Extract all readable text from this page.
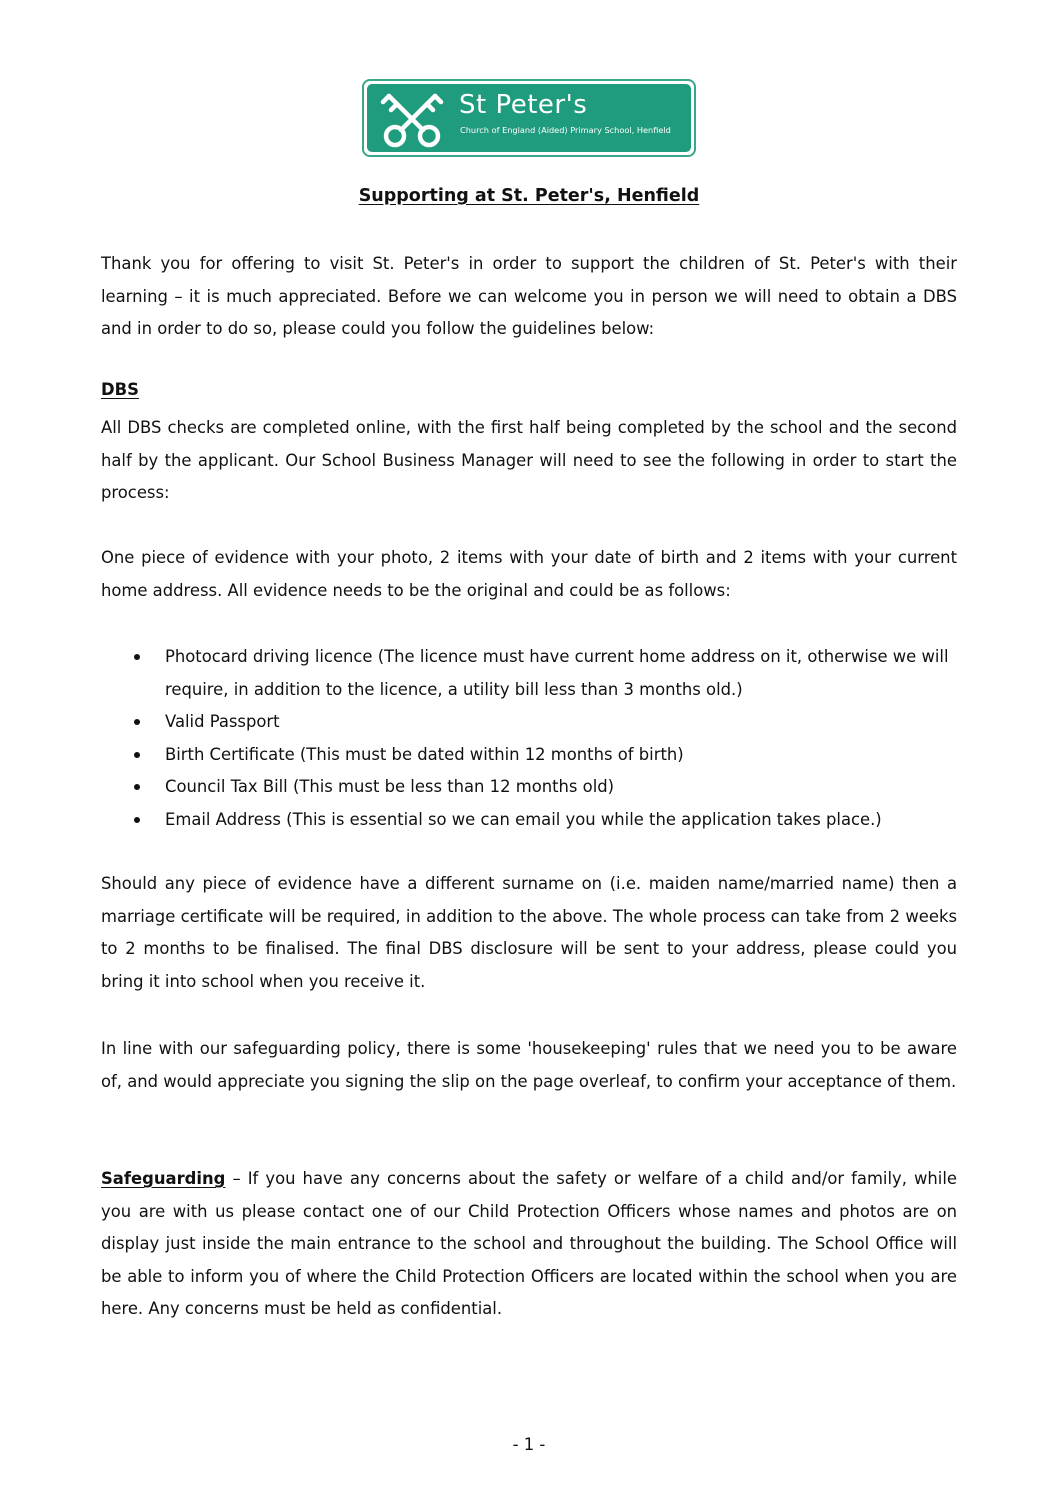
St Peter's
Church of England (Aided) Primary School, Henfield

Supporting at St. Peter's, Henfield

Thank you for offering to visit St. Peter's in order to support the children of St. Peter's with their learning – it is much appreciated. Before we can welcome you in person we will need to obtain a DBS and in order to do so, please could you follow the guidelines below:

DBS

All DBS checks are completed online, with the first half being completed by the school and the second half by the applicant. Our School Business Manager will need to see the following in order to start the process:

One piece of evidence with your photo, 2 items with your date of birth and 2 items with your current home address. All evidence needs to be the original and could be as follows:

Photocard driving licence (The licence must have current home address on it, otherwise we will require, in addition to the licence, a utility bill less than 3 months old.)
Valid Passport
Birth Certificate (This must be dated within 12 months of birth)
Council Tax Bill (This must be less than 12 months old)
Email Address (This is essential so we can email you while the application takes place.)

Should any piece of evidence have a different surname on (i.e. maiden name/married name) then a marriage certificate will be required, in addition to the above. The whole process can take from 2 weeks to 2 months to be finalised. The final DBS disclosure will be sent to your address, please could you bring it into school when you receive it.

In line with our safeguarding policy, there is some 'housekeeping' rules that we need you to be aware of, and would appreciate you signing the slip on the page overleaf, to confirm your acceptance of them.

Safeguarding – If you have any concerns about the safety or welfare of a child and/or family, while you are with us please contact one of our Child Protection Officers whose names and photos are on display just inside the main entrance to the school and throughout the building. The School Office will be able to inform you of where the Child Protection Officers are located within the school when you are here. Any concerns must be held as confidential.

- 1 -
